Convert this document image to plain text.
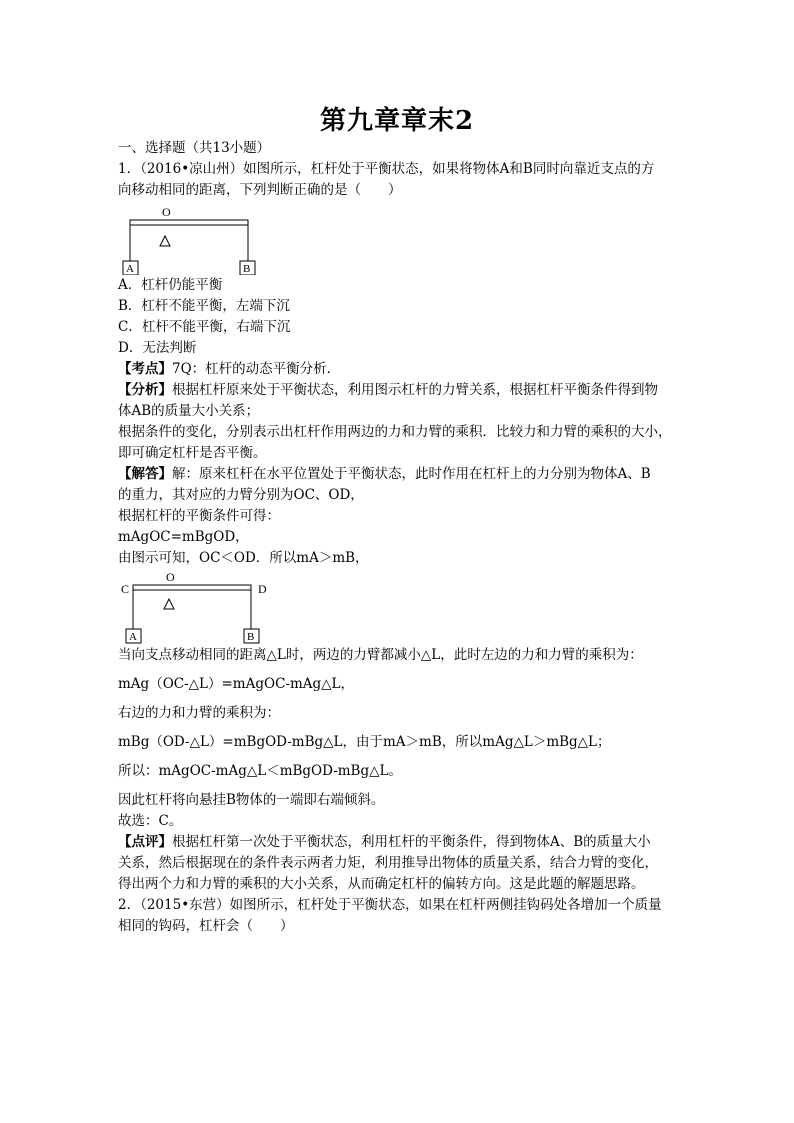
第九章章末2
一、选择题（共13小题）
1．（2016•凉山州）如图所示，杠杆处于平衡状态，如果将物体A和B同时向靠近支点的方
向移动相同的距离，下列判断正确的是（　　）
O
A	B
A．杠杆仍能平衡
B．杠杆不能平衡，左端下沉
C．杠杆不能平衡，右端下沉
D．无法判断
【考点】7Q：杠杆的动态平衡分析．
【分析】根据杠杆原来处于平衡状态，利用图示杠杆的力臂关系，根据杠杆平衡条件得到物
体AB的质量大小关系；
根据条件的变化，分别表示出杠杆作用两边的力和力臂的乘积．比较力和力臂的乘积的大小，
即可确定杠杆是否平衡。
【解答】解：原来杠杆在水平位置处于平衡状态，此时作用在杠杆上的力分别为物体A、B
的重力，其对应的力臂分别为OC、OD，
根据杠杆的平衡条件可得：
mAgOC=mBgOD，
由图示可知，OC＜OD．所以mA＞mB，
O
C	D
A	B
当向支点移动相同的距离△L时，两边的力臂都减小△L，此时左边的力和力臂的乘积为：
mAg（OC-△L）=mAgOC-mAg△L，
右边的力和力臂的乘积为：
mBg（OD-△L）=mBgOD-mBg△L，由于mA＞mB，所以mAg△L＞mBg△L；
所以：mAgOC-mAg△L＜mBgOD-mBg△L。
因此杠杆将向悬挂B物体的一端即右端倾斜。
故选：C。
【点评】根据杠杆第一次处于平衡状态，利用杠杆的平衡条件，得到物体A、B的质量大小
关系，然后根据现在的条件表示两者力矩，利用推导出物体的质量关系，结合力臂的变化，
得出两个力和力臂的乘积的大小关系，从而确定杠杆的偏转方向。这是此题的解题思路。
2．（2015•东营）如图所示，杠杆处于平衡状态，如果在杠杆两侧挂钩码处各增加一个质量
相同的钩码，杠杆会（　　）
